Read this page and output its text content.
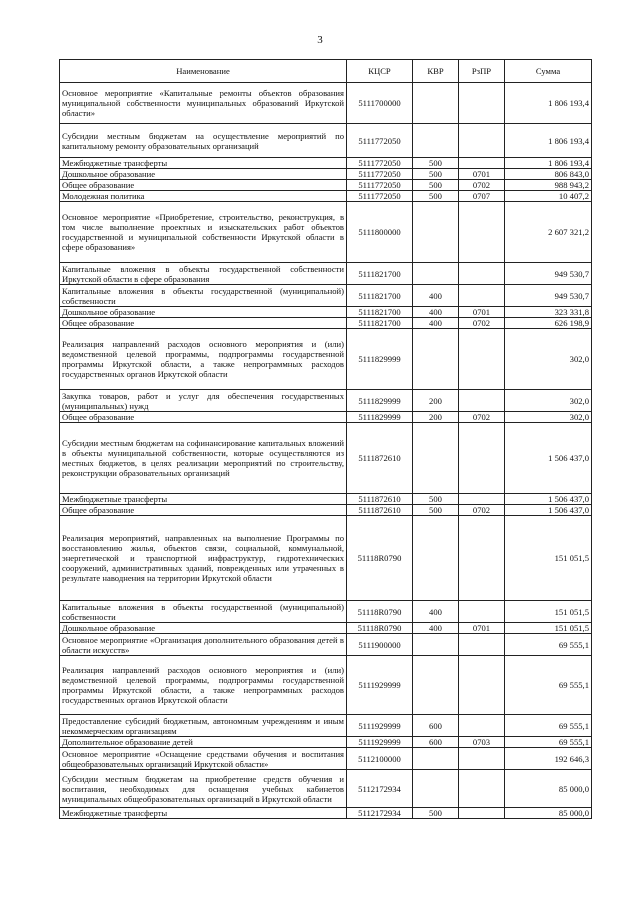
3
Наименование	КЦСР	КВР	РзПР	Сумма
Основное мероприятие «Капитальные ремонты объектов образования муниципальной собственности муниципальных образований Иркутской области»	5111700000			1 806 193,4
Субсидии местным бюджетам на осуществление мероприятий по капитальному ремонту образовательных организаций	5111772050			1 806 193,4
Межбюджетные трансферты	5111772050	500		1 806 193,4
Дошкольное образование	5111772050	500	0701	806 843,0
Общее образование	5111772050	500	0702	988 943,2
Молодежная политика	5111772050	500	0707	10 407,2
Основное мероприятие «Приобретение, строительство, реконструкция, в том числе выполнение проектных и изыскательских работ объектов государственной и муниципальной собственности Иркутской области в сфере образования»	5111800000			2 607 321,2
Капитальные вложения в объекты государственной собственности Иркутской области в сфере образования	5111821700			949 530,7
Капитальные вложения в объекты государственной (муниципальной) собственности	5111821700	400		949 530,7
Дошкольное образование	5111821700	400	0701	323 331,8
Общее образование	5111821700	400	0702	626 198,9
Реализация направлений расходов основного мероприятия и (или) ведомственной целевой программы, подпрограммы государственной программы Иркутской области, а также непрограммных расходов государственных органов Иркутской области	5111829999			302,0
Закупка товаров, работ и услуг для обеспечения государственных (муниципальных) нужд	5111829999	200		302,0
Общее образование	5111829999	200	0702	302,0
Субсидии местным бюджетам на софинансирование капитальных вложений в объекты муниципальной собственности, которые осуществляются из местных бюджетов, в целях реализации мероприятий по строительству, реконструкции образовательных организаций	5111872610			1 506 437,0
Межбюджетные трансферты	5111872610	500		1 506 437,0
Общее образование	5111872610	500	0702	1 506 437,0
Реализация мероприятий, направленных на выполнение Программы по восстановлению жилья, объектов связи, социальной, коммунальной, энергетической и транспортной инфраструктур, гидротехнических сооружений, административных зданий, поврежденных или утраченных в результате наводнения на территории Иркутской области	51118R0790			151 051,5
Капитальные вложения в объекты государственной (муниципальной) собственности	51118R0790	400		151 051,5
Дошкольное образование	51118R0790	400	0701	151 051,5
Основное мероприятие «Организация дополнительного образования детей в области искусств»	5111900000			69 555,1
Реализация направлений расходов основного мероприятия и (или) ведомственной целевой программы, подпрограммы государственной программы Иркутской области, а также непрограммных расходов государственных органов Иркутской области	5111929999			69 555,1
Предоставление субсидий бюджетным, автономным учреждениям и иным некоммерческим организациям	5111929999	600		69 555,1
Дополнительное образование детей	5111929999	600	0703	69 555,1
Основное мероприятие «Оснащение средствами обучения и воспитания общеобразовательных организаций Иркутской области»	5112100000			192 646,3
Субсидии местным бюджетам на приобретение средств обучения и воспитания, необходимых для оснащения учебных кабинетов муниципальных общеобразовательных организаций в Иркутской области	5112172934			85 000,0
Межбюджетные трансферты	5112172934	500		85 000,0
